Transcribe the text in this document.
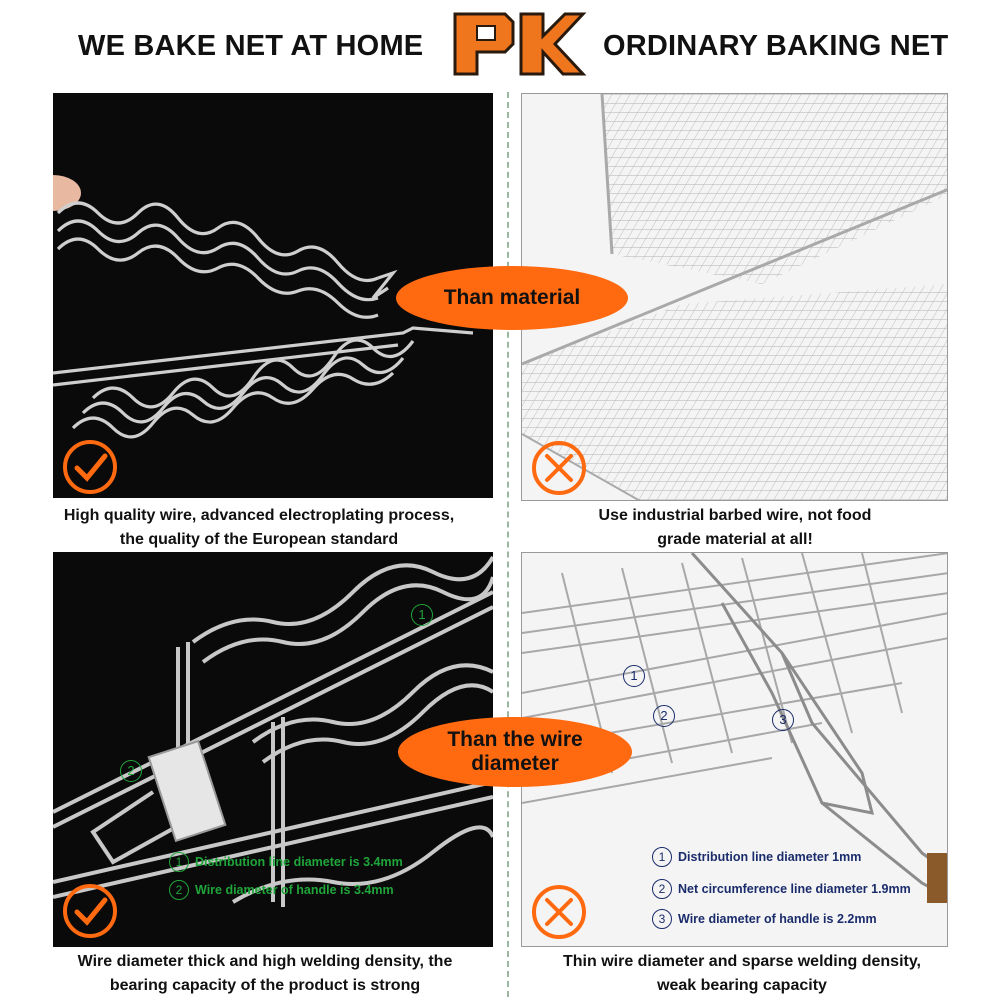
WE BAKE NET AT HOME	ORDINARY BAKING NET
Than material
High quality wire, advanced electroplating process,
the quality of the European standard
Use industrial barbed wire, not food
grade material at all!
1
2
1	Distribution line diameter is 3.4mm
2	Wire diameter of handle is 3.4mm
1
2	3
1	Distribution line diameter 1mm
2	Net circumference line diameter 1.9mm
3	Wire diameter of handle is 2.2mm
Than the wire
diameter
Wire diameter thick and high welding density, the
bearing capacity of the product is strong
Thin wire diameter and sparse welding density,
weak bearing capacity
